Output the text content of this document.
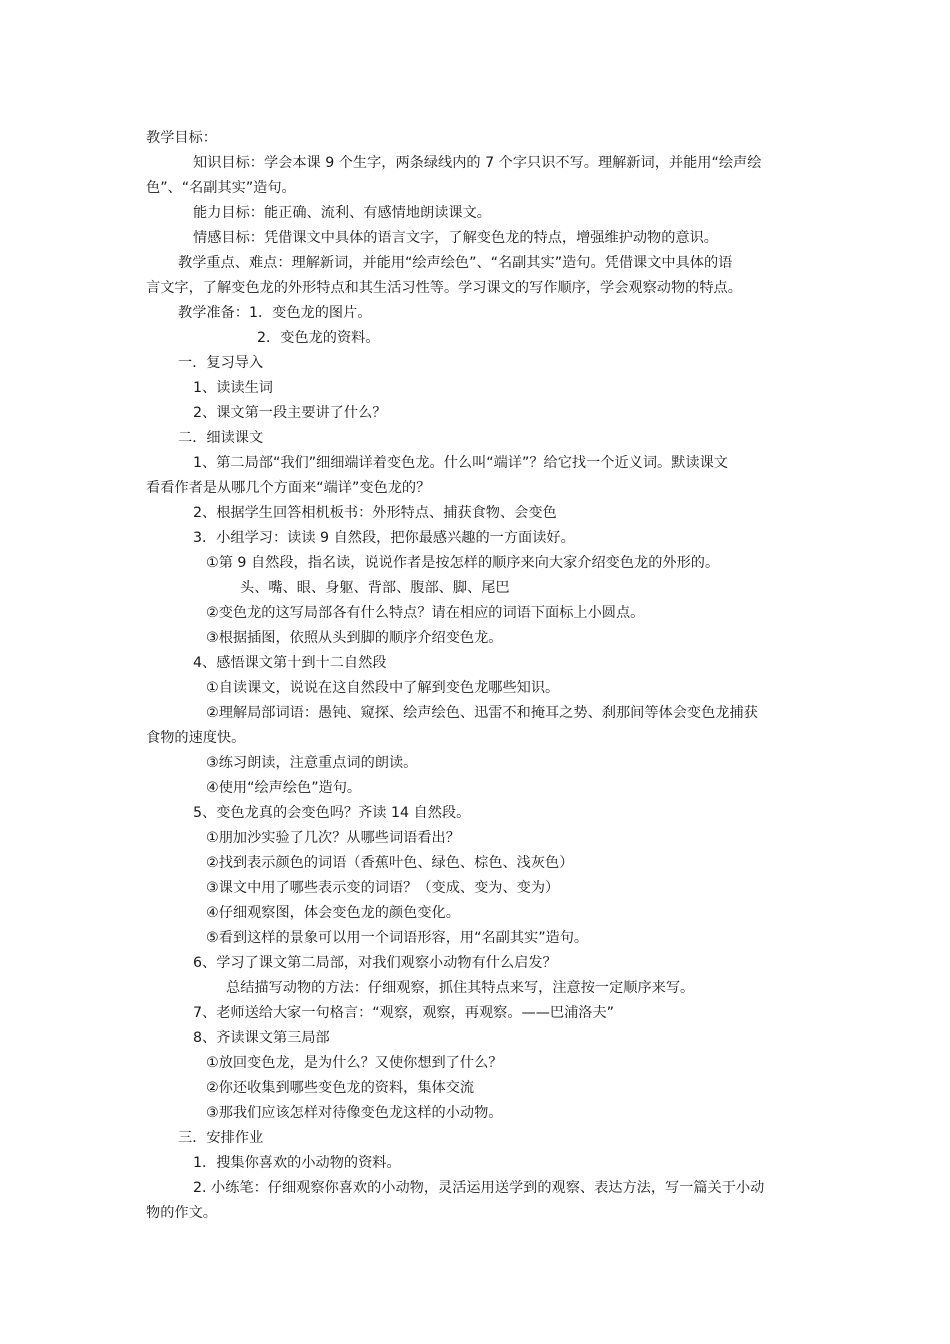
教学目标：
知识目标：学会本课 9 个生字，两条绿线内的 7 个字只识不写。理解新词，并能用“绘声绘
色”、“名副其实”造句。
能力目标：能正确、流利、有感情地朗读课文。
情感目标：凭借课文中具体的语言文字，了解变色龙的特点，增强维护动物的意识。
教学重点、难点：理解新词，并能用“绘声绘色”、“名副其实”造句。凭借课文中具体的语
言文字，了解变色龙的外形特点和其生活习性等。学习课文的写作顺序，学会观察动物的特点。
教学准备：1．变色龙的图片。
2．变色龙的资料。
一．复习导入
1、读读生词
2、课文第一段主要讲了什么？
二．细读课文
1、第二局部“我们”细细端详着变色龙。什么叫“端详”？给它找一个近义词。默读课文
看看作者是从哪几个方面来“端详”变色龙的？
2、根据学生回答相机板书：外形特点、捕获食物、会变色
3．小组学习：读读 9 自然段，把你最感兴趣的一方面读好。
①第 9 自然段，指名读，说说作者是按怎样的顺序来向大家介绍变色龙的外形的。
头、嘴、眼、身躯、背部、腹部、脚、尾巴
②变色龙的这写局部各有什么特点？请在相应的词语下面标上小圆点。
③根据插图，依照从头到脚的顺序介绍变色龙。
4、感悟课文第十到十二自然段
①自读课文，说说在这自然段中了解到变色龙哪些知识。
②理解局部词语：愚钝、窥探、绘声绘色、迅雷不和掩耳之势、刹那间等体会变色龙捕获
食物的速度快。
③练习朗读，注意重点词的朗读。
④使用“绘声绘色”造句。
5、变色龙真的会变色吗？齐读 14 自然段。
①朋加沙实验了几次？从哪些词语看出？
②找到表示颜色的词语（香蕉叶色、绿色、棕色、浅灰色）
③课文中用了哪些表示变的词语？（变成、变为、变为）
④仔细观察图，体会变色龙的颜色变化。
⑤看到这样的景象可以用一个词语形容，用“名副其实”造句。
6、学习了课文第二局部，对我们观察小动物有什么启发？
总结描写动物的方法：仔细观察，抓住其特点来写，注意按一定顺序来写。
7、老师送给大家一句格言：“观察，观察，再观察。——巴浦洛夫”
8、齐读课文第三局部
①放回变色龙，是为什么？又使你想到了什么？
②你还收集到哪些变色龙的资料，集体交流
③那我们应该怎样对待像变色龙这样的小动物。
三．安排作业
1．搜集你喜欢的小动物的资料。
2. 小练笔：仔细观察你喜欢的小动物，灵活运用送学到的观察、表达方法，写一篇关于小动
物的作文。
